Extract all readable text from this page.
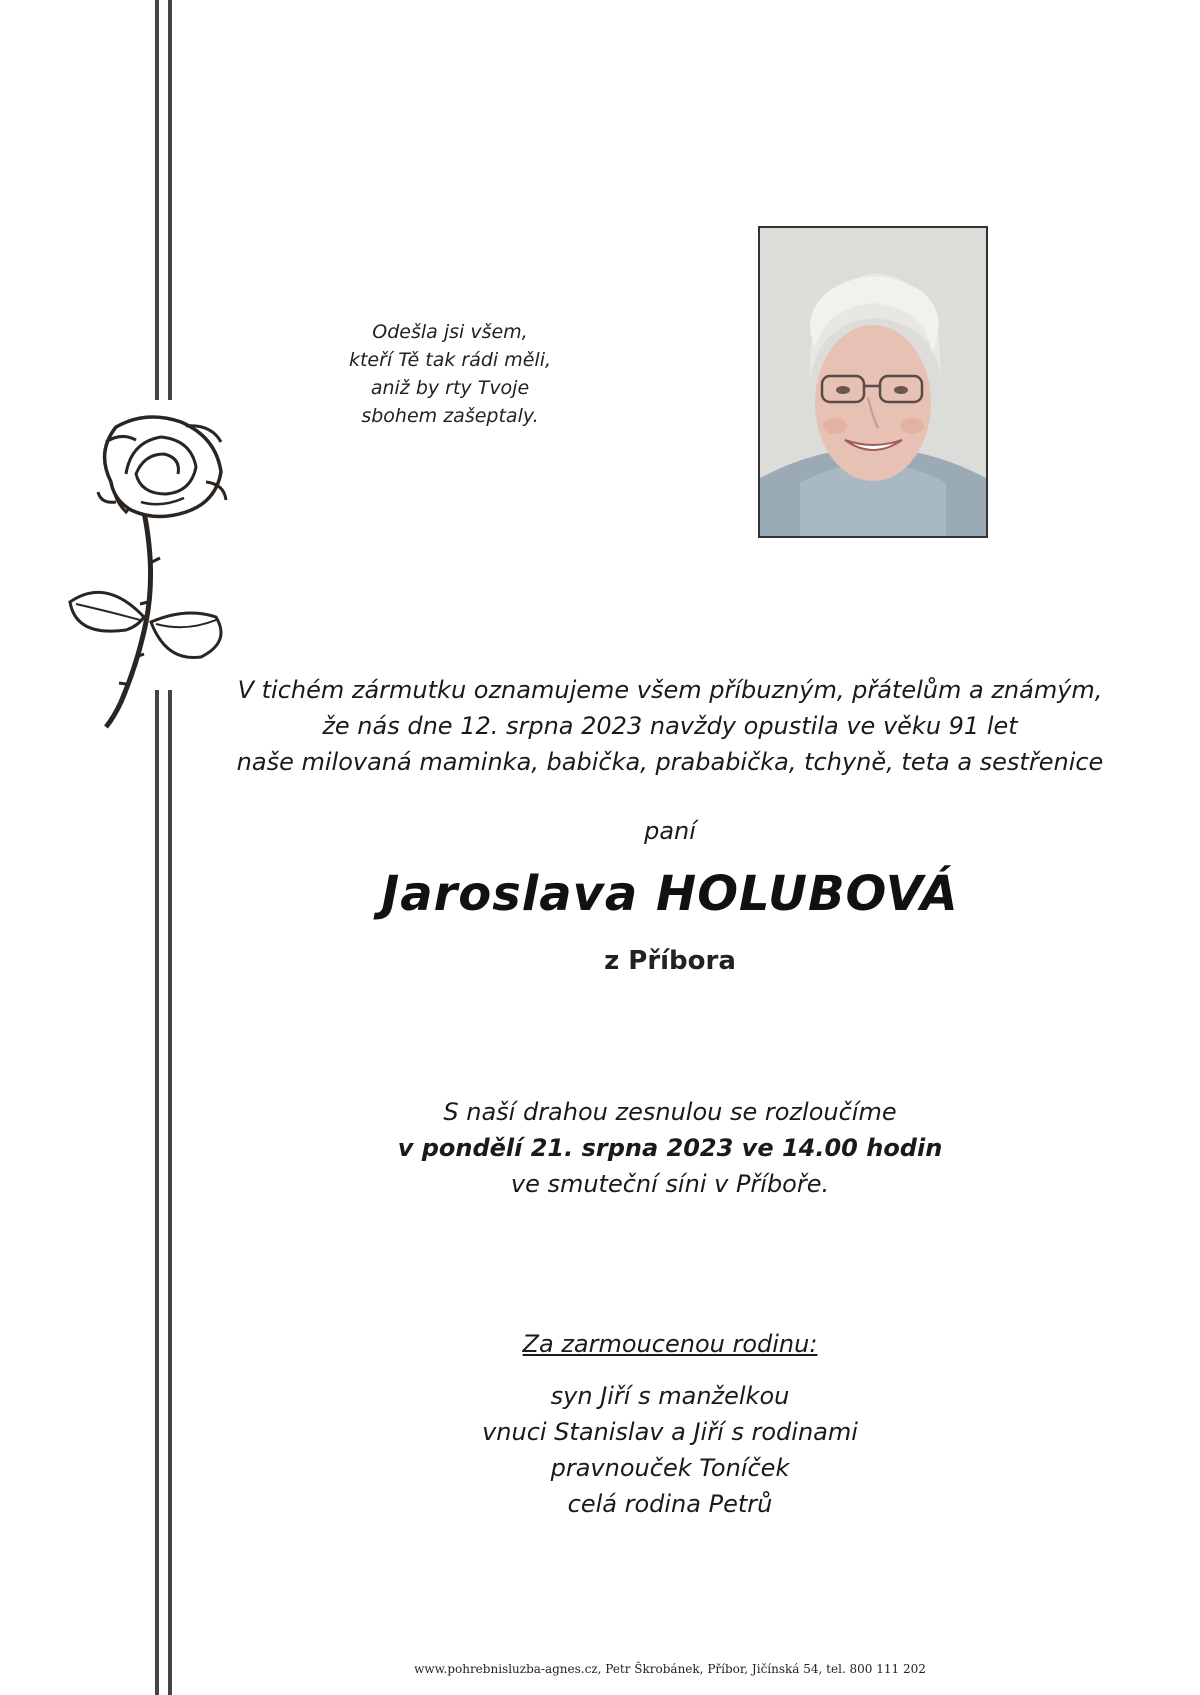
Odešla jsi všem,
kteří Tě tak rádi měli,
aniž by rty Tvoje
sbohem zašeptaly.
V tichém zármutku oznamujeme všem příbuzným, přátelům a známým,
že nás dne 12. srpna 2023 navždy opustila ve věku 91 let
naše milovaná maminka, babička, prababička, tchyně, teta a sestřenice
paní
Jaroslava HOLUBOVÁ
z Příbora
S naší drahou zesnulou se rozloučíme
v pondělí 21. srpna 2023 ve 14.00 hodin
ve smuteční síni v Příboře.
Za zarmoucenou rodinu:
syn Jiří s manželkou
vnuci Stanislav a Jiří s rodinami
pravnouček Toníček
celá rodina Petrů
www.pohrebnisluzba-agnes.cz, Petr Škrobánek, Příbor, Jičínská 54, tel. 800 111 202
